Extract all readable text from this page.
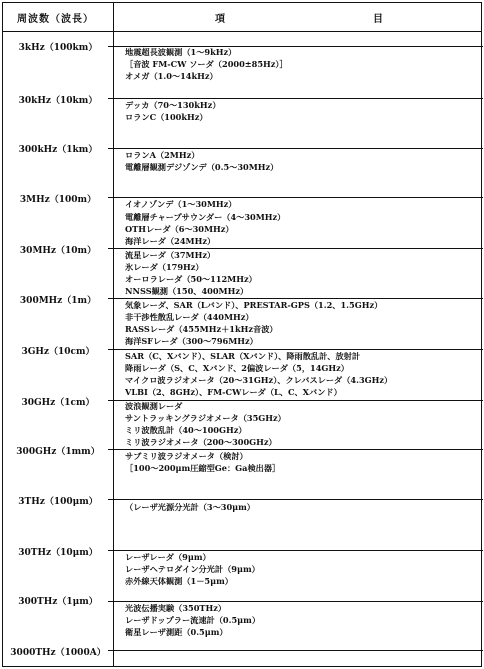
周波数（波長）	項	目
3kHz（100km）
30kHz（10km）
300kHz（1km）
3MHz（100m）
30MHz（10m）
300MHz（1m）
3GHz（10cm）
30GHz（1cm）
300GHz（1mm）
3THz（100μm）
30THz（10μm）
300THz（1μm）
3000THz（1000A）
地震超長波観測（1～9kHz）
［音波 FM-CW ソーダ（2000±85Hz）］
オメガ（1.0～14kHz）
デッカ（70～130kHz）
ロランC（100kHz）
ロランA（2MHz）
電離層観測デジゾンデ（0.5～30MHz）
イオノゾンデ（1～30MHz）
電離層チャープサウンダー（4～30MHz）
OTHレーダ（6～30MHz）
海洋レーダ（24MHz）
流星レーダ（37MHz）
氷レーダ（179Hz）
オーロラレーダ（50～112MHz）
NNSS観測（150、400MHz）
気象レーダ、SAR（Lバンド）、PRESTAR-GPS（1.2、1.5GHz）
非干渉性散乱レーダ（440MHz）
RASSレーダ（455MHz＋1kHz音波）
海洋SFレーダ（300～796MHz）
SAR（C、Xバンド）、SLAR（Xバンド）、降雨散乱計、放射計
降雨レーダ（S、C、Xバンド、2偏波レーダ（5，14GHz）
マイクロ波ラジオメータ（20～31GHz）、クレバスレーダ（4.3GHz）
VLBI（2、8GHz）、FM-CWレーダ（L、C、Xバンド）
波浪観測レーダ
サントラッキングラジオメータ（35GHz）
ミリ波散乱計（40～100GHz）
ミリ波ラジオメータ（200～300GHz）
サブミリ波ラジオメータ（検討）
［100～200μm圧縮型Ge：Ga検出器］
（レーザ光源分光計（3～30μm）
レーザレーダ（9μm）
レーザヘテロダイン分光計（9μm）
赤外線天体観測（1－5μm）
光波伝播実験（350THz）
レーザドップラー流速計（0.5μm）
衛星レーザ測距（0.5μm）
